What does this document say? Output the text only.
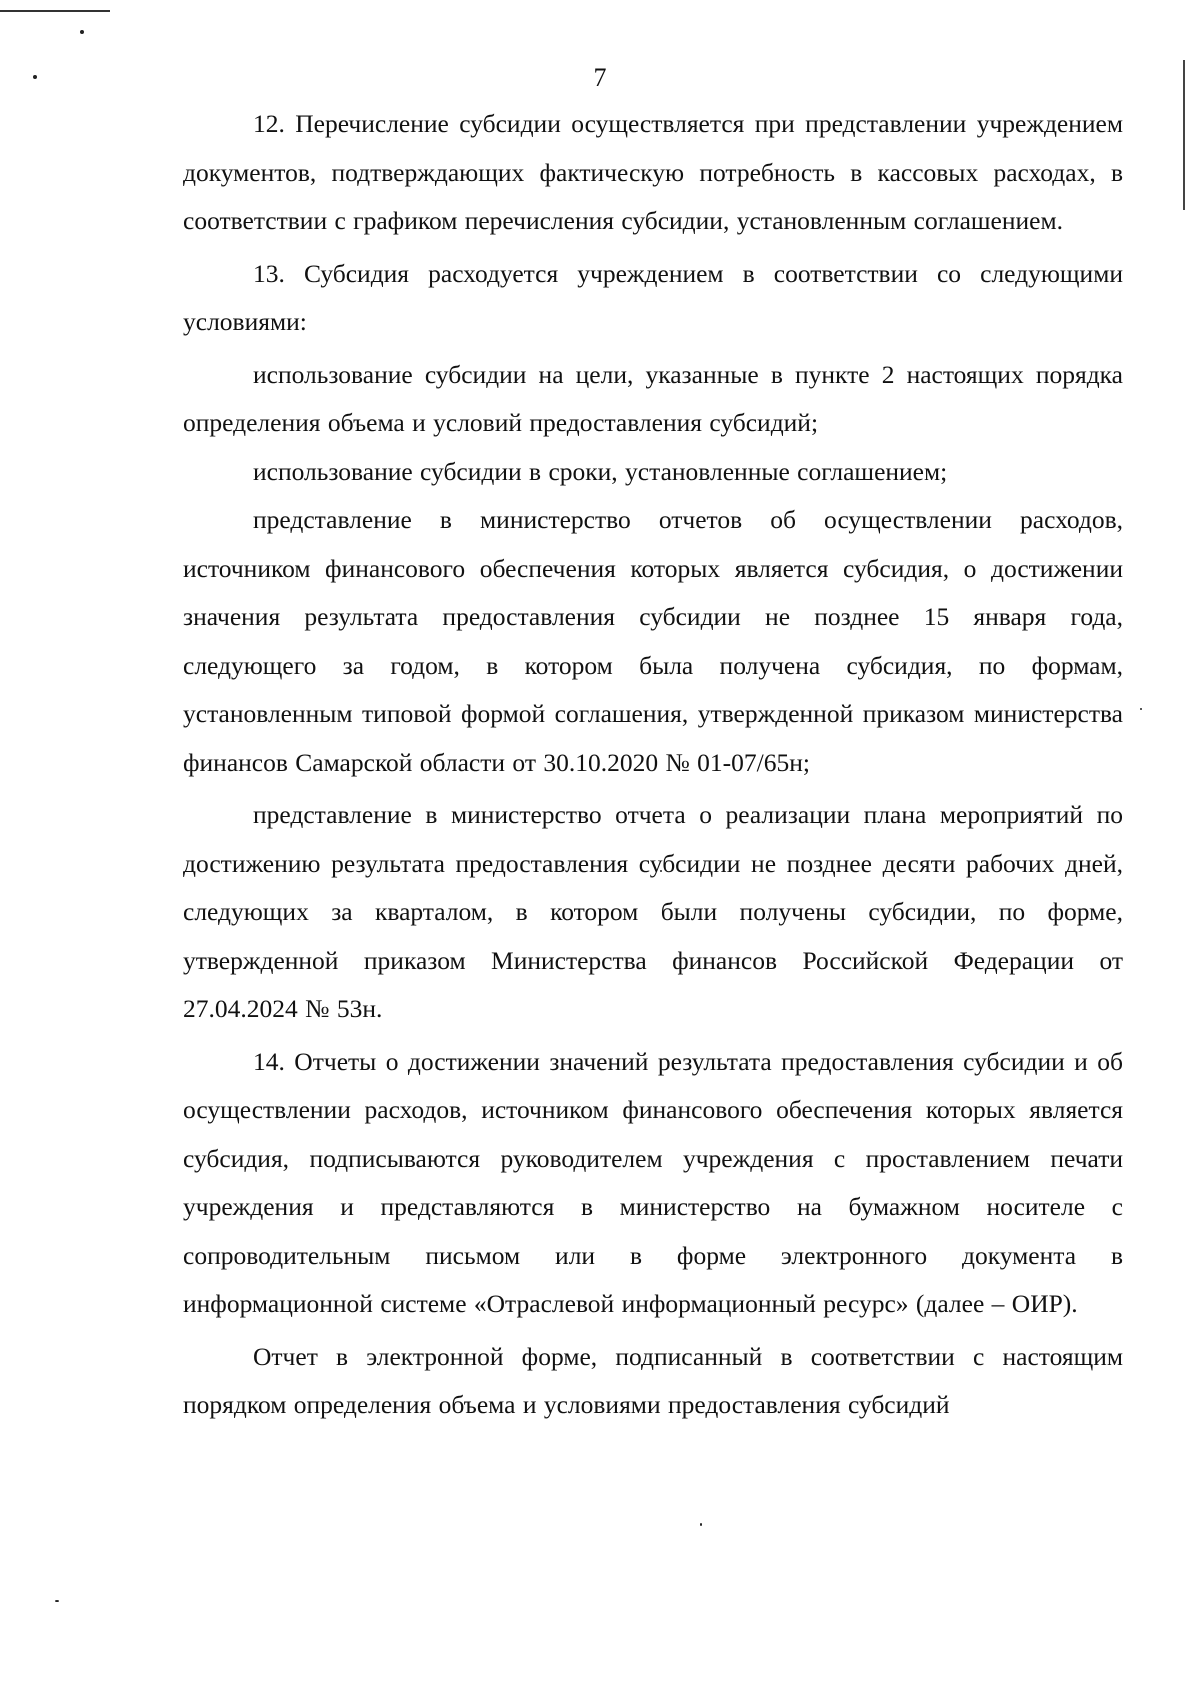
7

12. Перечисление субсидии осуществляется при представлении учреждением документов, подтверждающих фактическую потребность в кассовых расходах, в соответствии с графиком перечисления субсидии, установленным соглашением.

13. Субсидия расходуется учреждением в соответствии со следующими условиями:

использование субсидии на цели, указанные в пункте 2 настоящих порядка определения объема и условий предоставления субсидий;

использование субсидии в сроки, установленные соглашением;

представление в министерство отчетов об осуществлении расходов, источником финансового обеспечения которых является субсидия, о достижении значения результата предоставления субсидии не позднее 15 января года, следующего за годом, в котором была получена субсидия, по формам, установленным типовой формой соглашения, утвержденной приказом министерства финансов Самарской области от 30.10.2020 № 01-07/65н;

представление в министерство отчета о реализации плана мероприятий по достижению результата предоставления субсидии не позднее десяти рабочих дней, следующих за кварталом, в котором были получены субсидии, по форме, утвержденной приказом Министерства финансов Российской Федерации от 27.04.2024 № 53н.

14. Отчеты о достижении значений результата предоставления субсидии и об осуществлении расходов, источником финансового обеспечения которых является субсидия, подписываются руководителем учреждения с проставлением печати учреждения и представляются в министерство на бумажном носителе с сопроводительным письмом или в форме электронного документа в информационной системе «Отраслевой информационный ресурс» (далее – ОИР).

Отчет в электронной форме, подписанный в соответствии с настоящим порядком определения объема и условиями предоставления субсидий
